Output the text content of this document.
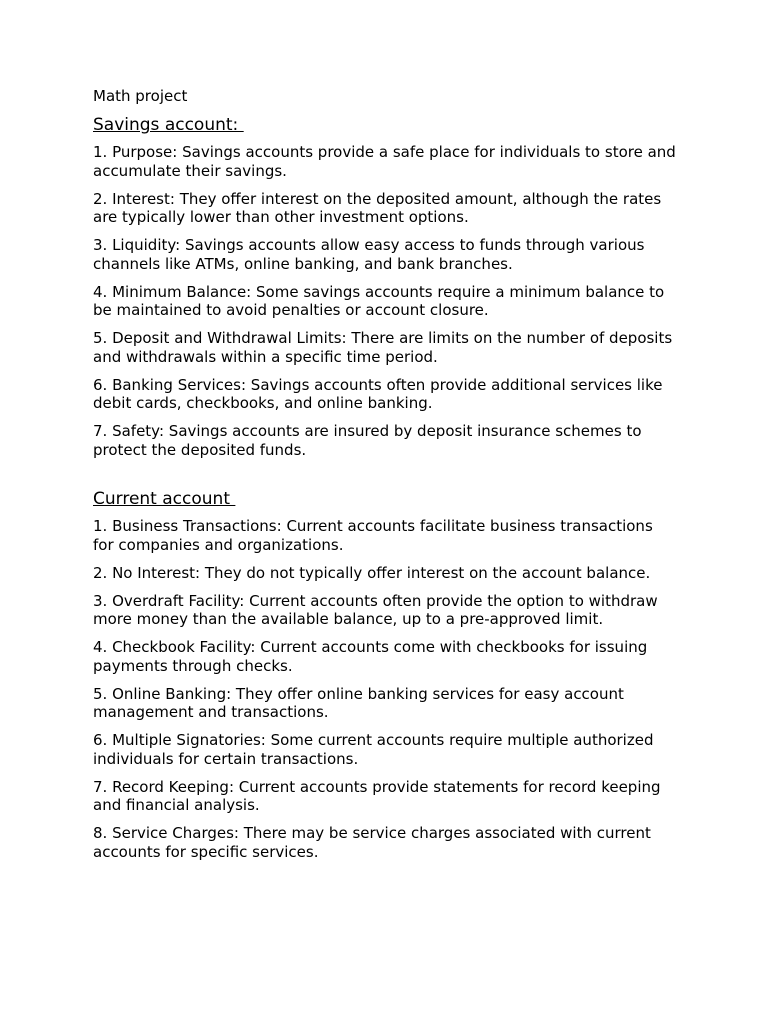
Math project
Savings account:
1. Purpose: Savings accounts provide a safe place for individuals to store and accumulate their savings.
2. Interest: They offer interest on the deposited amount, although the rates are typically lower than other investment options.
3. Liquidity: Savings accounts allow easy access to funds through various channels like ATMs, online banking, and bank branches.
4. Minimum Balance: Some savings accounts require a minimum balance to be maintained to avoid penalties or account closure.
5. Deposit and Withdrawal Limits: There are limits on the number of deposits and withdrawals within a specific time period.
6. Banking Services: Savings accounts often provide additional services like debit cards, checkbooks, and online banking.
7. Safety: Savings accounts are insured by deposit insurance schemes to protect the deposited funds.
Current account
1. Business Transactions: Current accounts facilitate business transactions for companies and organizations.
2. No Interest: They do not typically offer interest on the account balance.
3. Overdraft Facility: Current accounts often provide the option to withdraw more money than the available balance, up to a pre-approved limit.
4. Checkbook Facility: Current accounts come with checkbooks for issuing payments through checks.
5. Online Banking: They offer online banking services for easy account management and transactions.
6. Multiple Signatories: Some current accounts require multiple authorized individuals for certain transactions.
7. Record Keeping: Current accounts provide statements for record keeping and financial analysis.
8. Service Charges: There may be service charges associated with current accounts for specific services.
